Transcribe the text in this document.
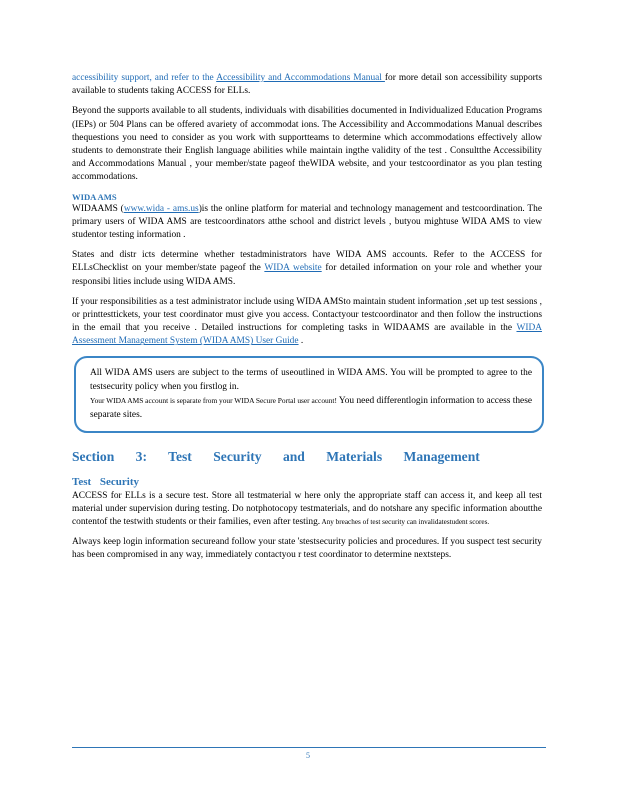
accessibility support, and refer to the Accessibility and Accommodations Manual for more detail son accessibility supports available to students taking ACCESS for ELLs.

Beyond the supports available to all students, individuals with disabilities documented in Individualized Education Programs (IEPs) or 504 Plans can be offered avariety of accommodat ions. The Accessibility and Accommodations Manual describes thequestions you need to consider as you work with supportteams to determine which accommodations effectively allow students to demonstrate their English language abilities while maintain ingthe validity of the test . Consultthe Accessibility and Accommodations Manual , your member/state pageof theWIDA website, and your testcoordinator as you plan testing accommodations.

WIDA AMS

WIDAAMS (www.wida - ams.us)is the online platform for material and technology management and testcoordination. The primary users of WIDA AMS are testcoordinators atthe school and district levels , butyou mightuse WIDA AMS to view studentor testing information .

States and distr icts determine whether testadministrators have WIDA AMS accounts. Refer to the ACCESS for ELLsChecklist on your member/state pageof the WIDA website for detailed information on your role and whether your responsibi lities include using WIDA AMS.

If your responsibilities as a test administrator include using WIDA AMSto maintain student information ,set up test sessions , or printtesttickets, your test coordinator must give you access. Contactyour testcoordinator and then follow the instructions in the email that you receive . Detailed instructions for completing tasks in WIDAAMS are available in the WIDA Assessment Management System (WIDA AMS) User Guide .

All WIDA AMS users are subject to the terms of useoutlined in WIDA AMS. You will be prompted to agree to the testsecurity policy when you firstlog in.

Your WIDA AMS account is separate from your WIDA Secure Portal user account! You need differentlogin information to access these separate sites.

Section 3: Test Security and Materials Management
Test Security

ACCESS for ELLs is a secure test. Store all testmaterial w here only the appropriate staff can access it, and keep all test material under supervision during testing. Do notphotocopy testmaterials, and do notshare any specific information aboutthe contentof the testwith students or their families, even after testing. Any breaches of test security can invalidatestudent scores.

Always keep login information secureand follow your state 'stestsecurity policies and procedures. If you suspect test security has been compromised in any way, immediately contactyou r test coordinator to determine nextsteps.

5
